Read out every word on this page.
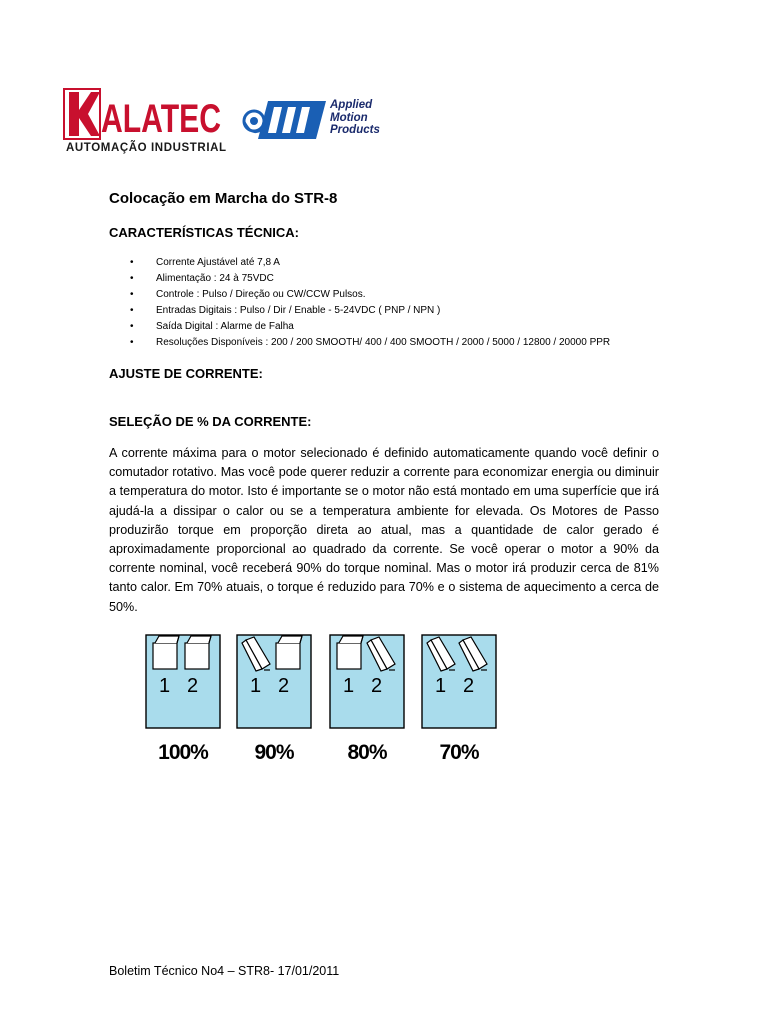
ALATEC
AUTOMAÇÃO INDUSTRIAL
Applied
Motion
Products
Colocação em Marcha do STR-8
CARACTERÍSTICAS TÉCNICA:
• Corrente Ajustável até 7,8 A
• Alimentação : 24 à 75VDC
• Controle : Pulso / Direção ou CW/CCW Pulsos.
• Entradas Digitais : Pulso / Dir / Enable - 5-24VDC ( PNP / NPN )
• Saída Digital : Alarme de Falha
• Resoluções Disponíveis : 200 / 200 SMOOTH/ 400 / 400 SMOOTH / 2000 / 5000 / 12800 / 20000 PPR
AJUSTE DE CORRENTE:
SELEÇÃO DE % DA CORRENTE:

A corrente máxima para o motor selecionado é definido automaticamente quando você definir o comutador rotativo. Mas você pode querer reduzir a corrente para economizar energia ou diminuir a temperatura do motor. Isto é importante se o motor não está montado em uma superfície que irá ajudá-la a dissipar o calor ou se a temperatura ambiente for elevada. Os Motores de Passo produzirão torque em proporção direta ao atual, mas a quantidade de calor gerado é aproximadamente proporcional ao quadrado da corrente. Se você operar o motor a 90% da corrente nominal, você receberá 90% do torque nominal. Mas o motor irá produzir cerca de 81% tanto calor. Em 70% atuais, o torque é reduzido para 70% e o sistema de aquecimento a cerca de 50%.

1 2	1 2	1 2	1 2
100%	90%	80%	70%
Boletim Técnico No4 – STR8- 17/01/2011
